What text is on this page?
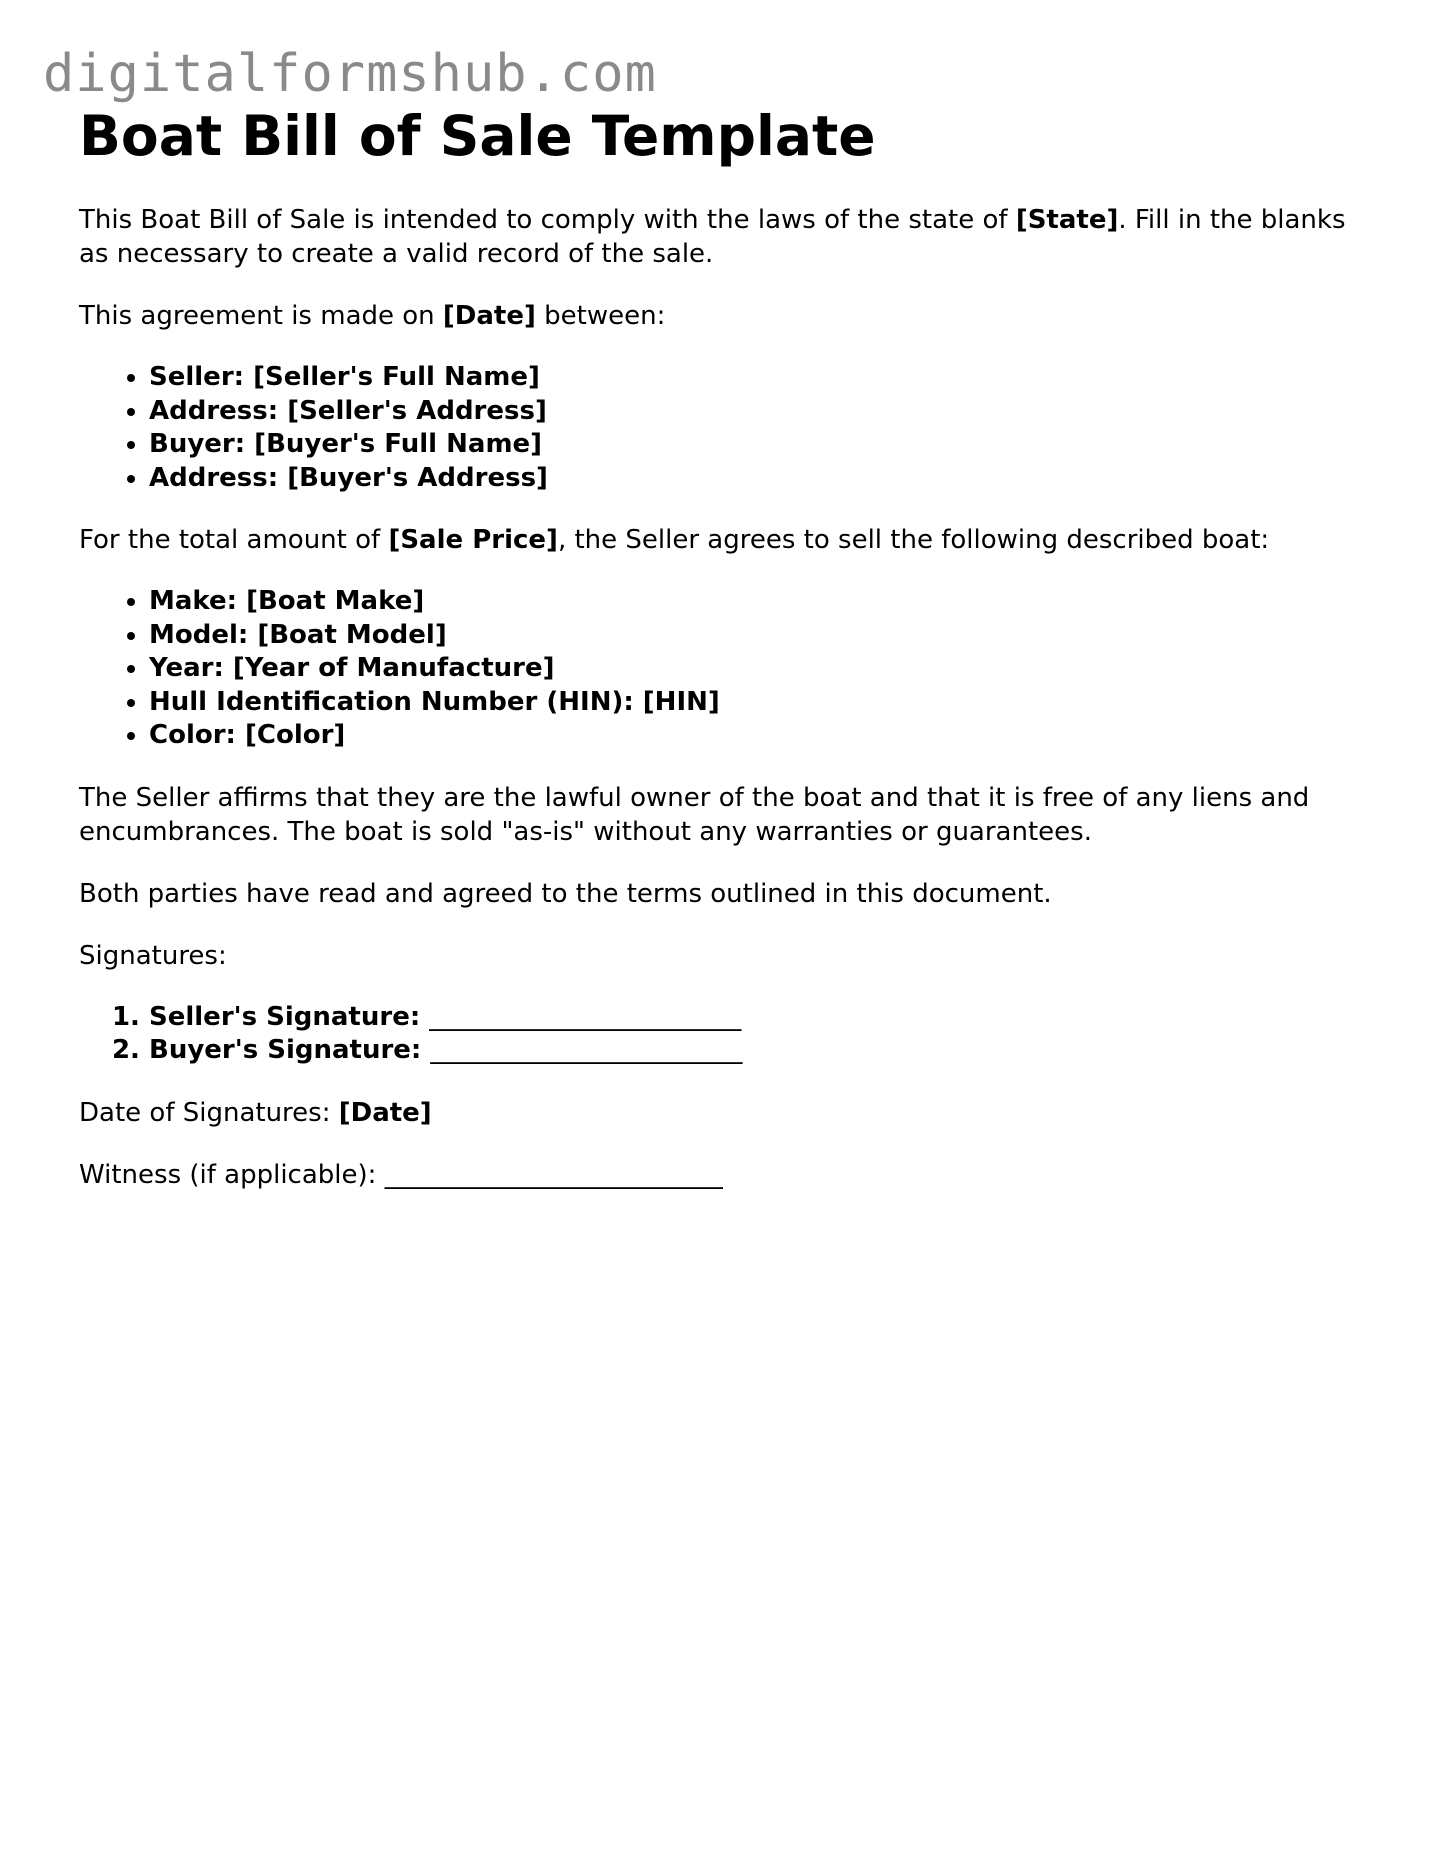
digitalformshub.com
Boat Bill of Sale Template

This Boat Bill of Sale is intended to comply with the laws of the state of [State]. Fill in the blanks as necessary to create a valid record of the sale.

This agreement is made on [Date] between:

• Seller: [Seller's Full Name]
• Address: [Seller's Address]
• Buyer: [Buyer's Full Name]
• Address: [Buyer's Address]

For the total amount of [Sale Price], the Seller agrees to sell the following described boat:

• Make: [Boat Make]
• Model: [Boat Model]
• Year: [Year of Manufacture]
• Hull Identification Number (HIN): [HIN]
• Color: [Color]

The Seller affirms that they are the lawful owner of the boat and that it is free of any liens and encumbrances. The boat is sold "as-is" without any warranties or guarantees.

Both parties have read and agreed to the terms outlined in this document.

Signatures:

1. Seller's Signature: ________________________
2. Buyer's Signature: ________________________

Date of Signatures: [Date]

Witness (if applicable): __________________________
